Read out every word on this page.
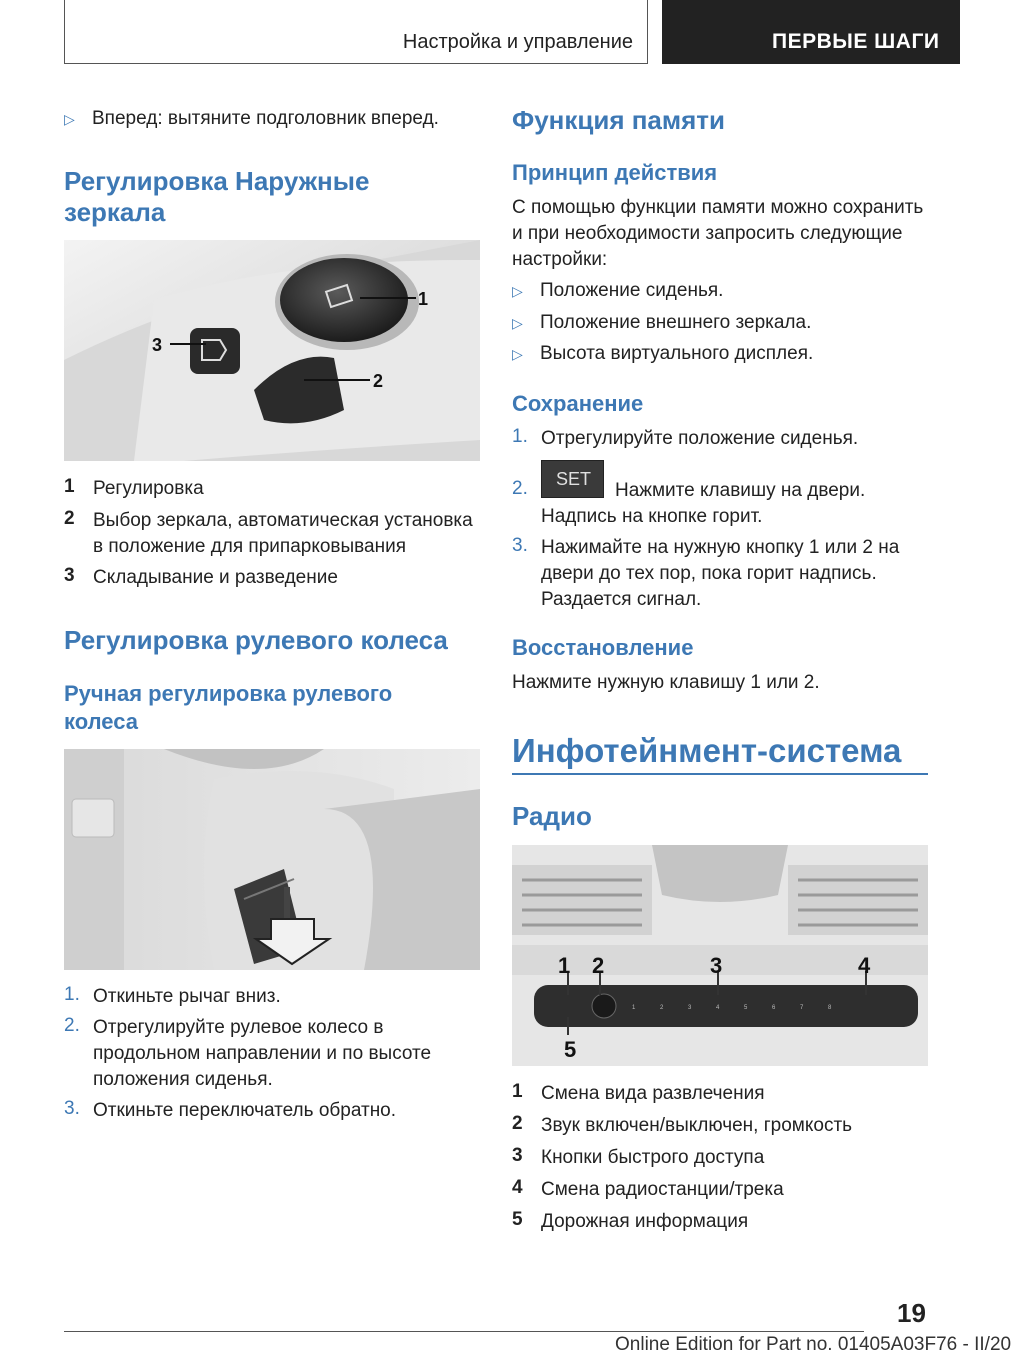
Настройка и управление	ПЕРВЫЕ ШАГИ
▷ Вперед: вытяните подголовник вперед.
Регулировка Наружные зеркала
1
2
3
1 Регулировка
2 Выбор зеркала, автоматическая установка в положение для припарковывания
3 Складывание и разведение
Регулировка рулевого колеса
Ручная регулировка рулевого колеса
1. Откиньте рычаг вниз.
2. Отрегулируйте рулевое колесо в продольном направлении и по высоте положения сиденья.
3. Откиньте переключатель обратно.
Функция памяти
Принцип действия
С помощью функции памяти можно сохранить и при необходимости запросить следующие настройки:
▷ Положение сиденья.
▷ Положение внешнего зеркала.
▷ Высота виртуального дисплея.
Сохранение
1. Отрегулируйте положение сиденья.
2.	SET
Нажмите клавишу на двери. Надпись на кнопке горит.
3. Нажимайте на нужную кнопку 1 или 2 на двери до тех пор, пока горит надпись. Раздается сигнал.
Восстановление
Нажмите нужную клавишу 1 или 2.
Инфотейнмент-система
Радио
1	2	3	4	5	6	7	8
1 2	3	4
5
1 Смена вида развлечения
2 Звук включен/выключен, громкость
3 Кнопки быстрого доступа
4 Смена радиостанции/трека
5 Дорожная информация
19
Online Edition for Part no. 01405A03F76 - II/20
